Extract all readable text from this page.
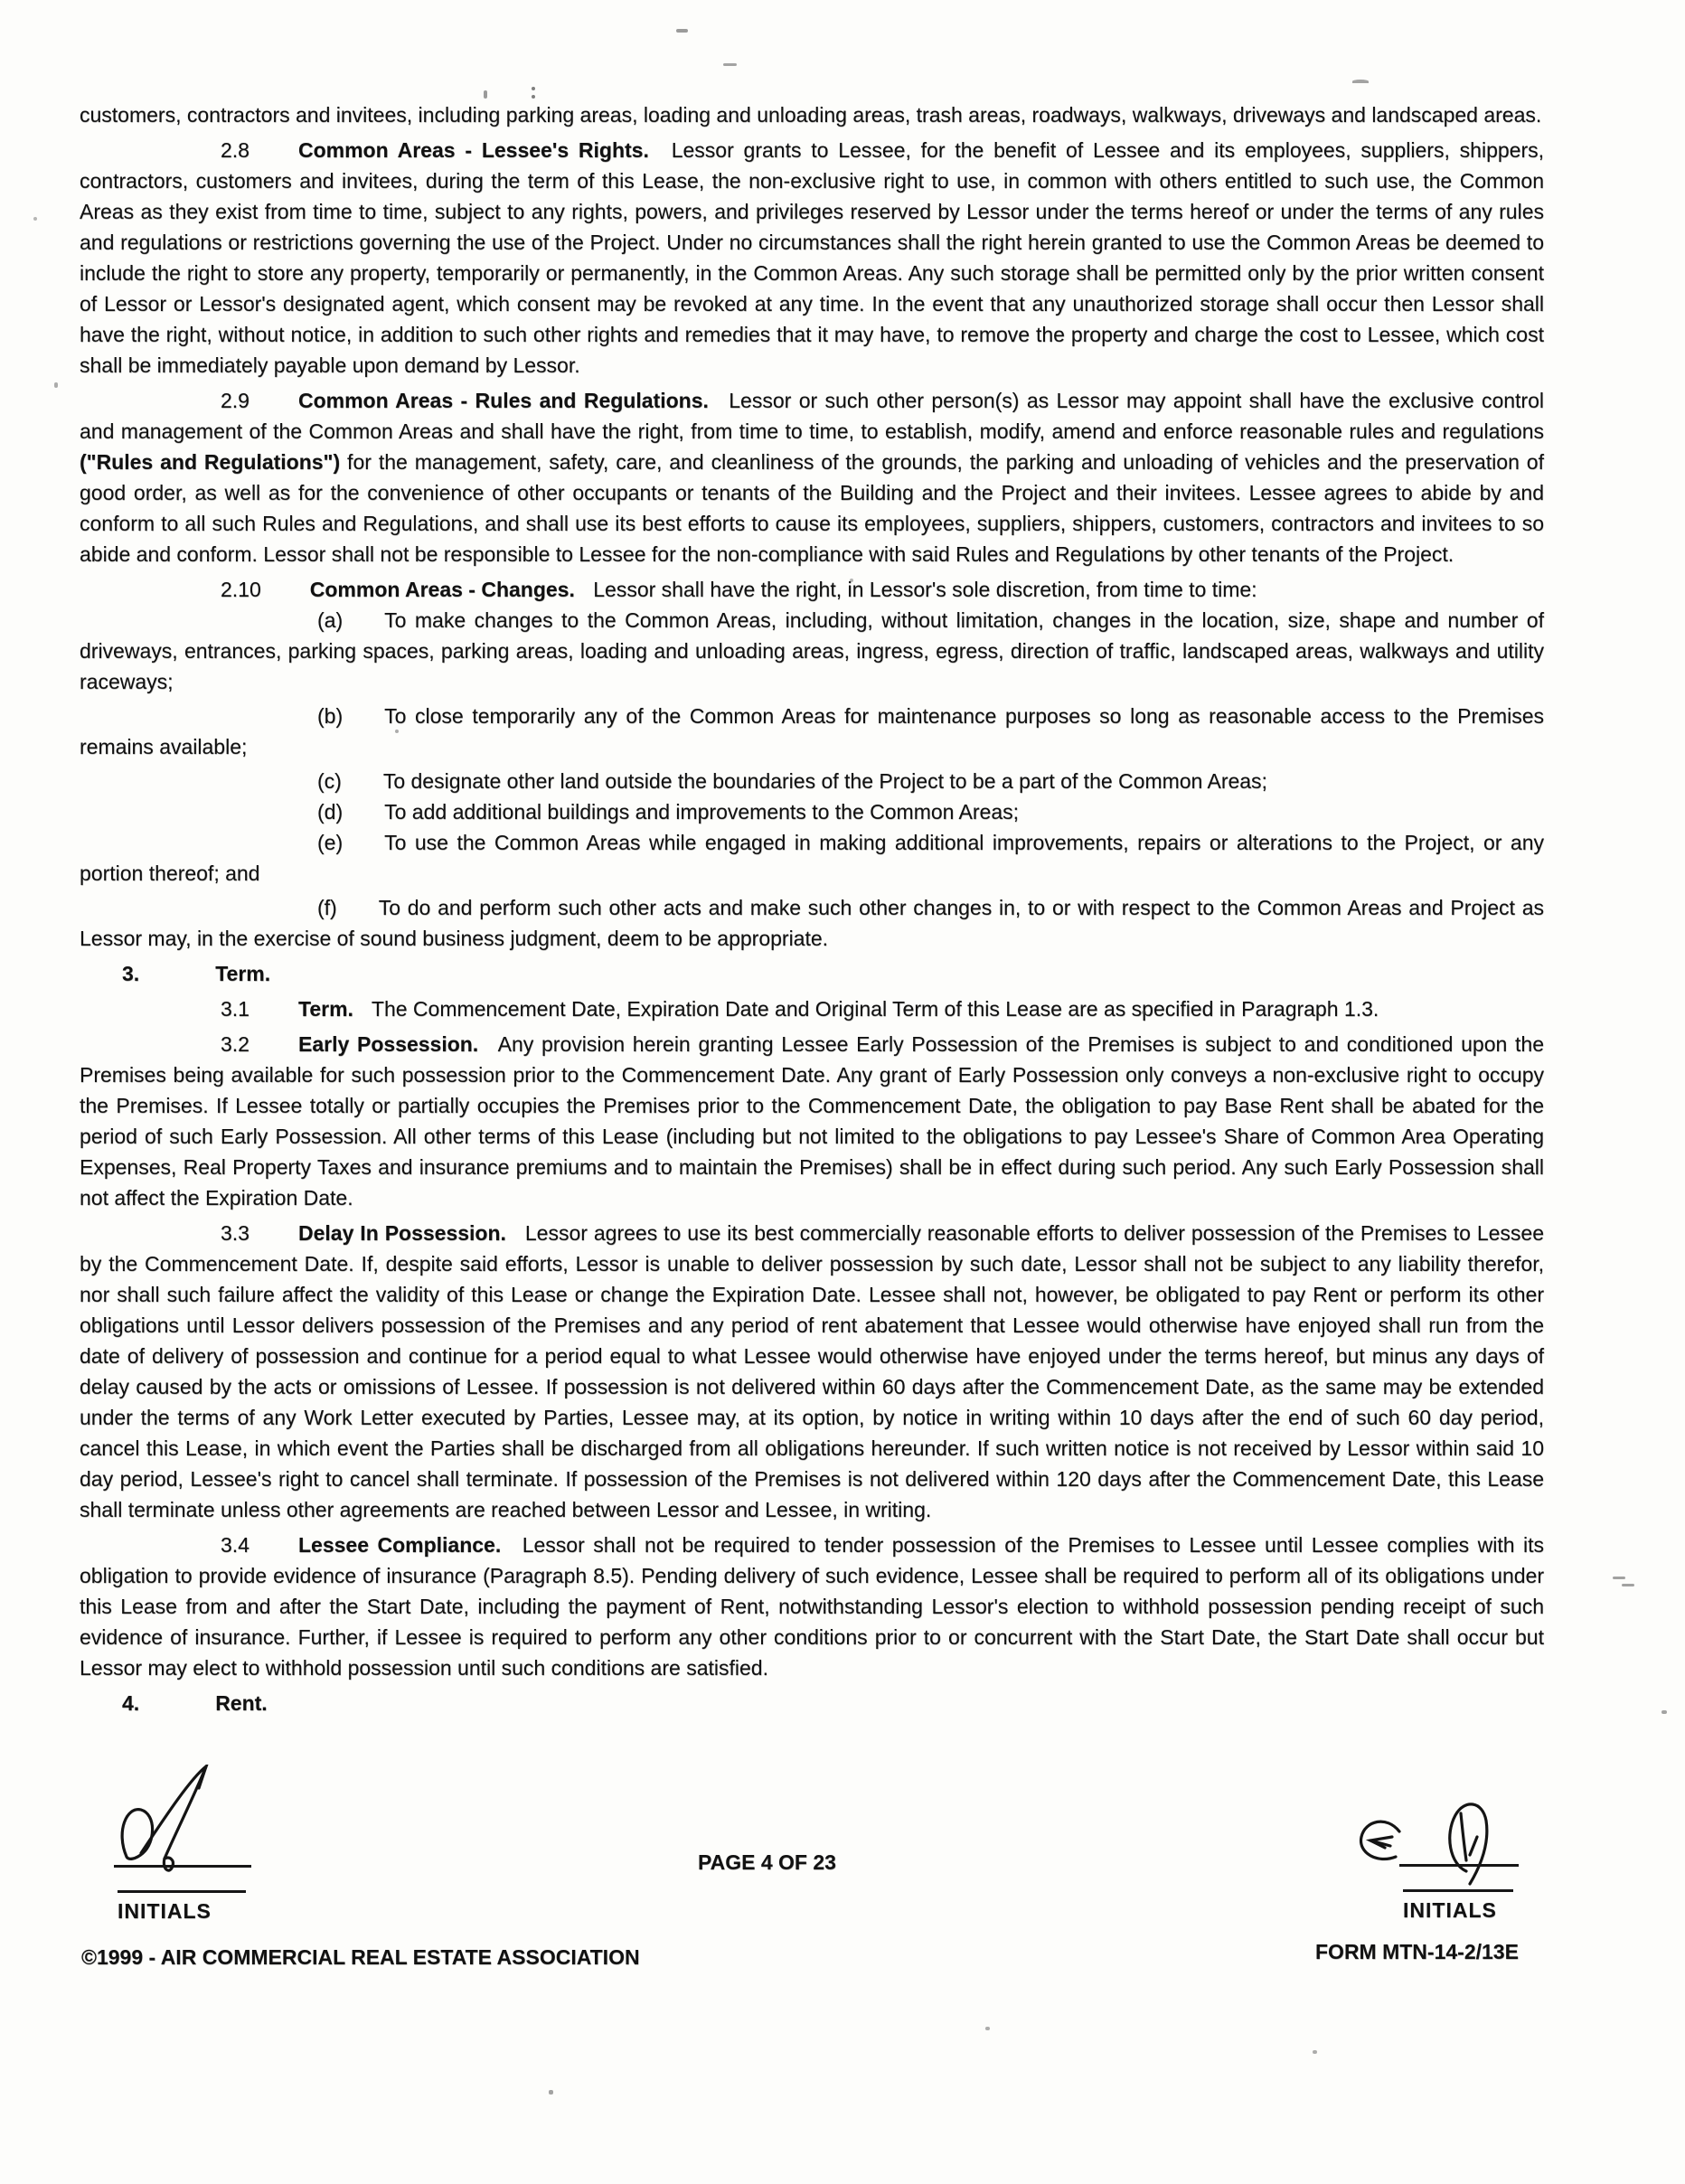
customers, contractors and invitees, including parking areas, loading and unloading areas, trash areas, roadways, walkways, driveways and landscaped areas.

2.8 Common Areas - Lessee's Rights. Lessor grants to Lessee, for the benefit of Lessee and its employees, suppliers, shippers, contractors, customers and invitees, during the term of this Lease, the non-exclusive right to use, in common with others entitled to such use, the Common Areas as they exist from time to time, subject to any rights, powers, and privileges reserved by Lessor under the terms hereof or under the terms of any rules and regulations or restrictions governing the use of the Project. Under no circumstances shall the right herein granted to use the Common Areas be deemed to include the right to store any property, temporarily or permanently, in the Common Areas. Any such storage shall be permitted only by the prior written consent of Lessor or Lessor's designated agent, which consent may be revoked at any time. In the event that any unauthorized storage shall occur then Lessor shall have the right, without notice, in addition to such other rights and remedies that it may have, to remove the property and charge the cost to Lessee, which cost shall be immediately payable upon demand by Lessor.

2.9 Common Areas - Rules and Regulations. Lessor or such other person(s) as Lessor may appoint shall have the exclusive control and management of the Common Areas and shall have the right, from time to time, to establish, modify, amend and enforce reasonable rules and regulations ("Rules and Regulations") for the management, safety, care, and cleanliness of the grounds, the parking and unloading of vehicles and the preservation of good order, as well as for the convenience of other occupants or tenants of the Building and the Project and their invitees. Lessee agrees to abide by and conform to all such Rules and Regulations, and shall use its best efforts to cause its employees, suppliers, shippers, customers, contractors and invitees to so abide and conform. Lessor shall not be responsible to Lessee for the non-compliance with said Rules and Regulations by other tenants of the Project.

2.10 Common Areas - Changes. Lessor shall have the right, in Lessor's sole discretion, from time to time:

(a) To make changes to the Common Areas, including, without limitation, changes in the location, size, shape and number of driveways, entrances, parking spaces, parking areas, loading and unloading areas, ingress, egress, direction of traffic, landscaped areas, walkways and utility raceways;

(b) To close temporarily any of the Common Areas for maintenance purposes so long as reasonable access to the Premises remains available;

(c) To designate other land outside the boundaries of the Project to be a part of the Common Areas;

(d) To add additional buildings and improvements to the Common Areas;

(e) To use the Common Areas while engaged in making additional improvements, repairs or alterations to the Project, or any portion thereof; and

(f) To do and perform such other acts and make such other changes in, to or with respect to the Common Areas and Project as Lessor may, in the exercise of sound business judgment, deem to be appropriate.

3.	Term.

3.1 Term. The Commencement Date, Expiration Date and Original Term of this Lease are as specified in Paragraph 1.3.

3.2 Early Possession. Any provision herein granting Lessee Early Possession of the Premises is subject to and conditioned upon the Premises being available for such possession prior to the Commencement Date. Any grant of Early Possession only conveys a non-exclusive right to occupy the Premises. If Lessee totally or partially occupies the Premises prior to the Commencement Date, the obligation to pay Base Rent shall be abated for the period of such Early Possession. All other terms of this Lease (including but not limited to the obligations to pay Lessee's Share of Common Area Operating Expenses, Real Property Taxes and insurance premiums and to maintain the Premises) shall be in effect during such period. Any such Early Possession shall not affect the Expiration Date.

3.3 Delay In Possession. Lessor agrees to use its best commercially reasonable efforts to deliver possession of the Premises to Lessee by the Commencement Date. If, despite said efforts, Lessor is unable to deliver possession by such date, Lessor shall not be subject to any liability therefor, nor shall such failure affect the validity of this Lease or change the Expiration Date. Lessee shall not, however, be obligated to pay Rent or perform its other obligations until Lessor delivers possession of the Premises and any period of rent abatement that Lessee would otherwise have enjoyed shall run from the date of delivery of possession and continue for a period equal to what Lessee would otherwise have enjoyed under the terms hereof, but minus any days of delay caused by the acts or omissions of Lessee. If possession is not delivered within 60 days after the Commencement Date, as the same may be extended under the terms of any Work Letter executed by Parties, Lessee may, at its option, by notice in writing within 10 days after the end of such 60 day period, cancel this Lease, in which event the Parties shall be discharged from all obligations hereunder. If such written notice is not received by Lessor within said 10 day period, Lessee's right to cancel shall terminate. If possession of the Premises is not delivered within 120 days after the Commencement Date, this Lease shall terminate unless other agreements are reached between Lessor and Lessee, in writing.

3.4 Lessee Compliance. Lessor shall not be required to tender possession of the Premises to Lessee until Lessee complies with its obligation to provide evidence of insurance (Paragraph 8.5). Pending delivery of such evidence, Lessee shall be required to perform all of its obligations under this Lease from and after the Start Date, including the payment of Rent, notwithstanding Lessor's election to withhold possession pending receipt of such evidence of insurance. Further, if Lessee is required to perform any other conditions prior to or concurrent with the Start Date, the Start Date shall occur but Lessor may elect to withhold possession until such conditions are satisfied.

4.	Rent.

INITIALS
PAGE 4 OF 23
INITIALS
©1999 - AIR COMMERCIAL REAL ESTATE ASSOCIATION	FORM MTN-14-2/13E
